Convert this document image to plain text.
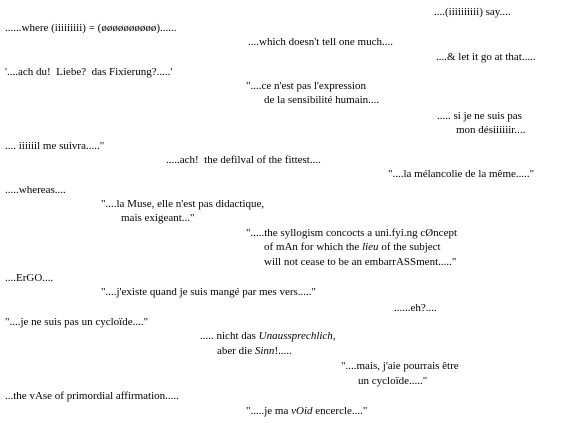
....(iiiiiiiiii) say....
......where (iiiiiiiii) = (øøøøøøøøøø)......
....which doesn't tell one much....
....& let it go at that.....
'....ach du!  Liebe?  das Fixierung?.....'
"....ce n'est pas l'expression
de la sensibilité humain....
..... si je ne suis pas
mon désiiiiiir....
.... iiiiiil me suivra....."
.....ach!  the defilval of the fittest....
"....la mélancolie de la même....."
.....whereas....
"....la Muse, elle n'est pas didactique,
mais exigeant..."
".....the syllogism concocts a uni.fyi.ng cØncept
of mAn for which the lieu of the subject
will not cease to be an embarrASSment....."
....ErGO....
"....j'existe quand je suis mangé par mes vers....."
......eh?....
"....je ne suis pas un cycloïde...."
..... nicht das Unaussprechlich,
aber die Sinn!.....
"....mais, j'aie pourrais être
un cycloïde....."
...the vAse of primordial affirmation.....
".....je ma vOid encercle...."
